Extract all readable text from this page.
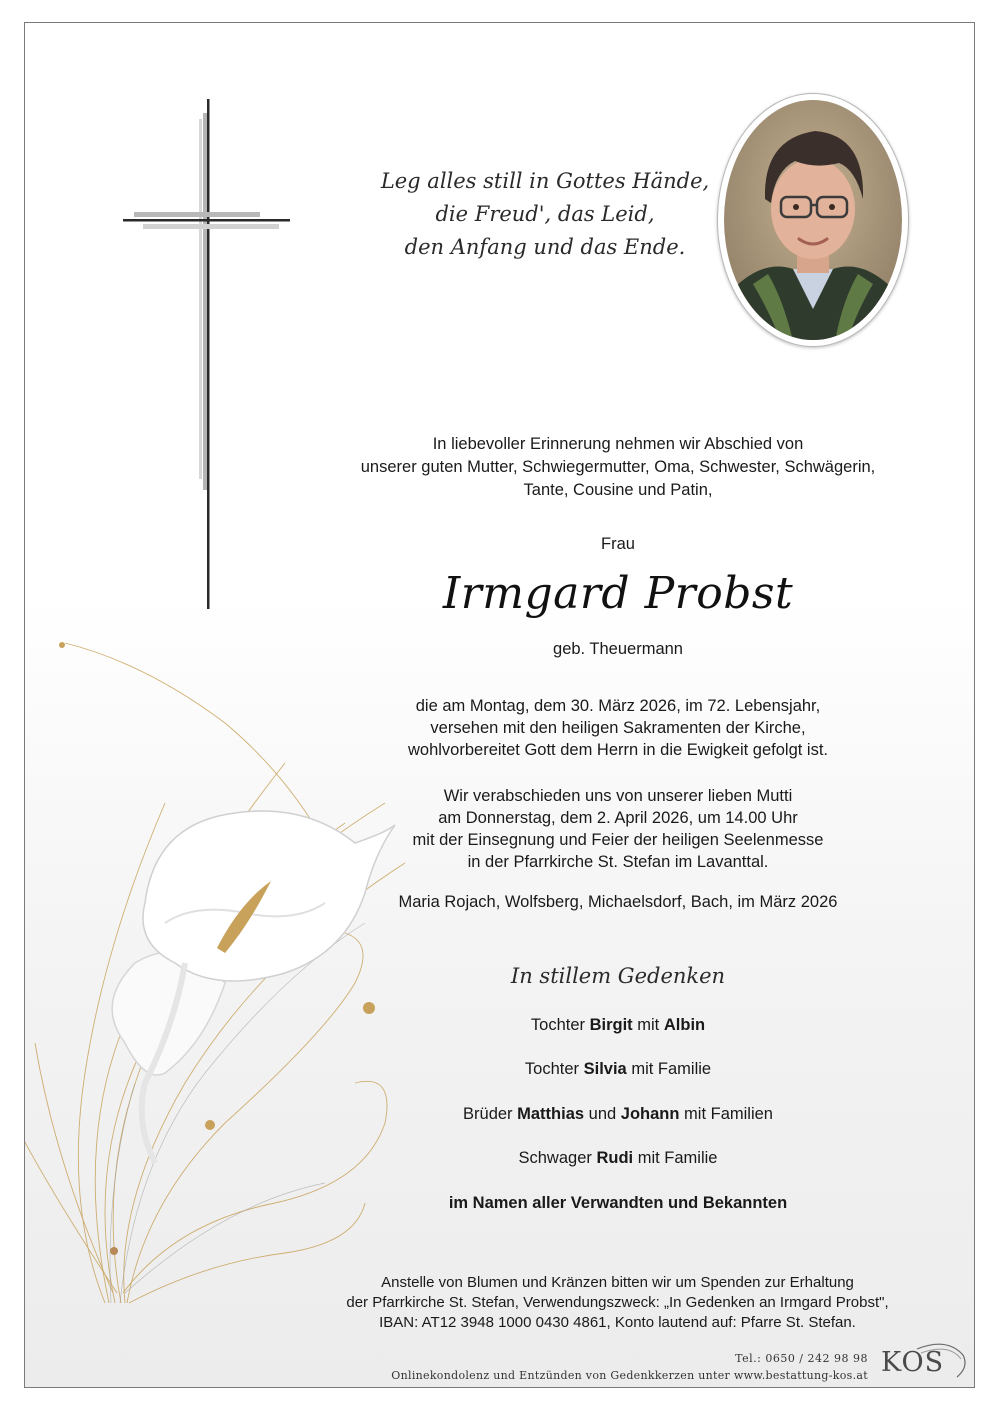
Leg alles still in Gottes Hände,
die Freud', das Leid,
den Anfang und das Ende.
In liebevoller Erinnerung nehmen wir Abschied von
unserer guten Mutter, Schwiegermutter, Oma, Schwester, Schwägerin,
Tante, Cousine und Patin,
Frau
Irmgard Probst
geb. Theuermann
die am Montag, dem 30. März 2026, im 72. Lebensjahr,
versehen mit den heiligen Sakramenten der Kirche,
wohlvorbereitet Gott dem Herrn in die Ewigkeit gefolgt ist.
Wir verabschieden uns von unserer lieben Mutti
am Donnerstag, dem 2. April 2026, um 14.00 Uhr
mit der Einsegnung und Feier der heiligen Seelenmesse
in der Pfarrkirche St. Stefan im Lavanttal.
Maria Rojach, Wolfsberg, Michaelsdorf, Bach, im März 2026
In stillem Gedenken
Tochter Birgit mit Albin
Tochter Silvia mit Familie
Brüder Matthias und Johann mit Familien
Schwager Rudi mit Familie
im Namen aller Verwandten und Bekannten
Anstelle von Blumen und Kränzen bitten wir um Spenden zur Erhaltung
der Pfarrkirche St. Stefan, Verwendungszweck: „In Gedenken an Irmgard Probst",
IBAN: AT12 3948 1000 0430 4861, Konto lautend auf: Pfarre St. Stefan.
Tel.: 0650 / 242 98 98
Onlinekondolenz und Entzünden von Gedenkkerzen unter www.bestattung-kos.at KOS
